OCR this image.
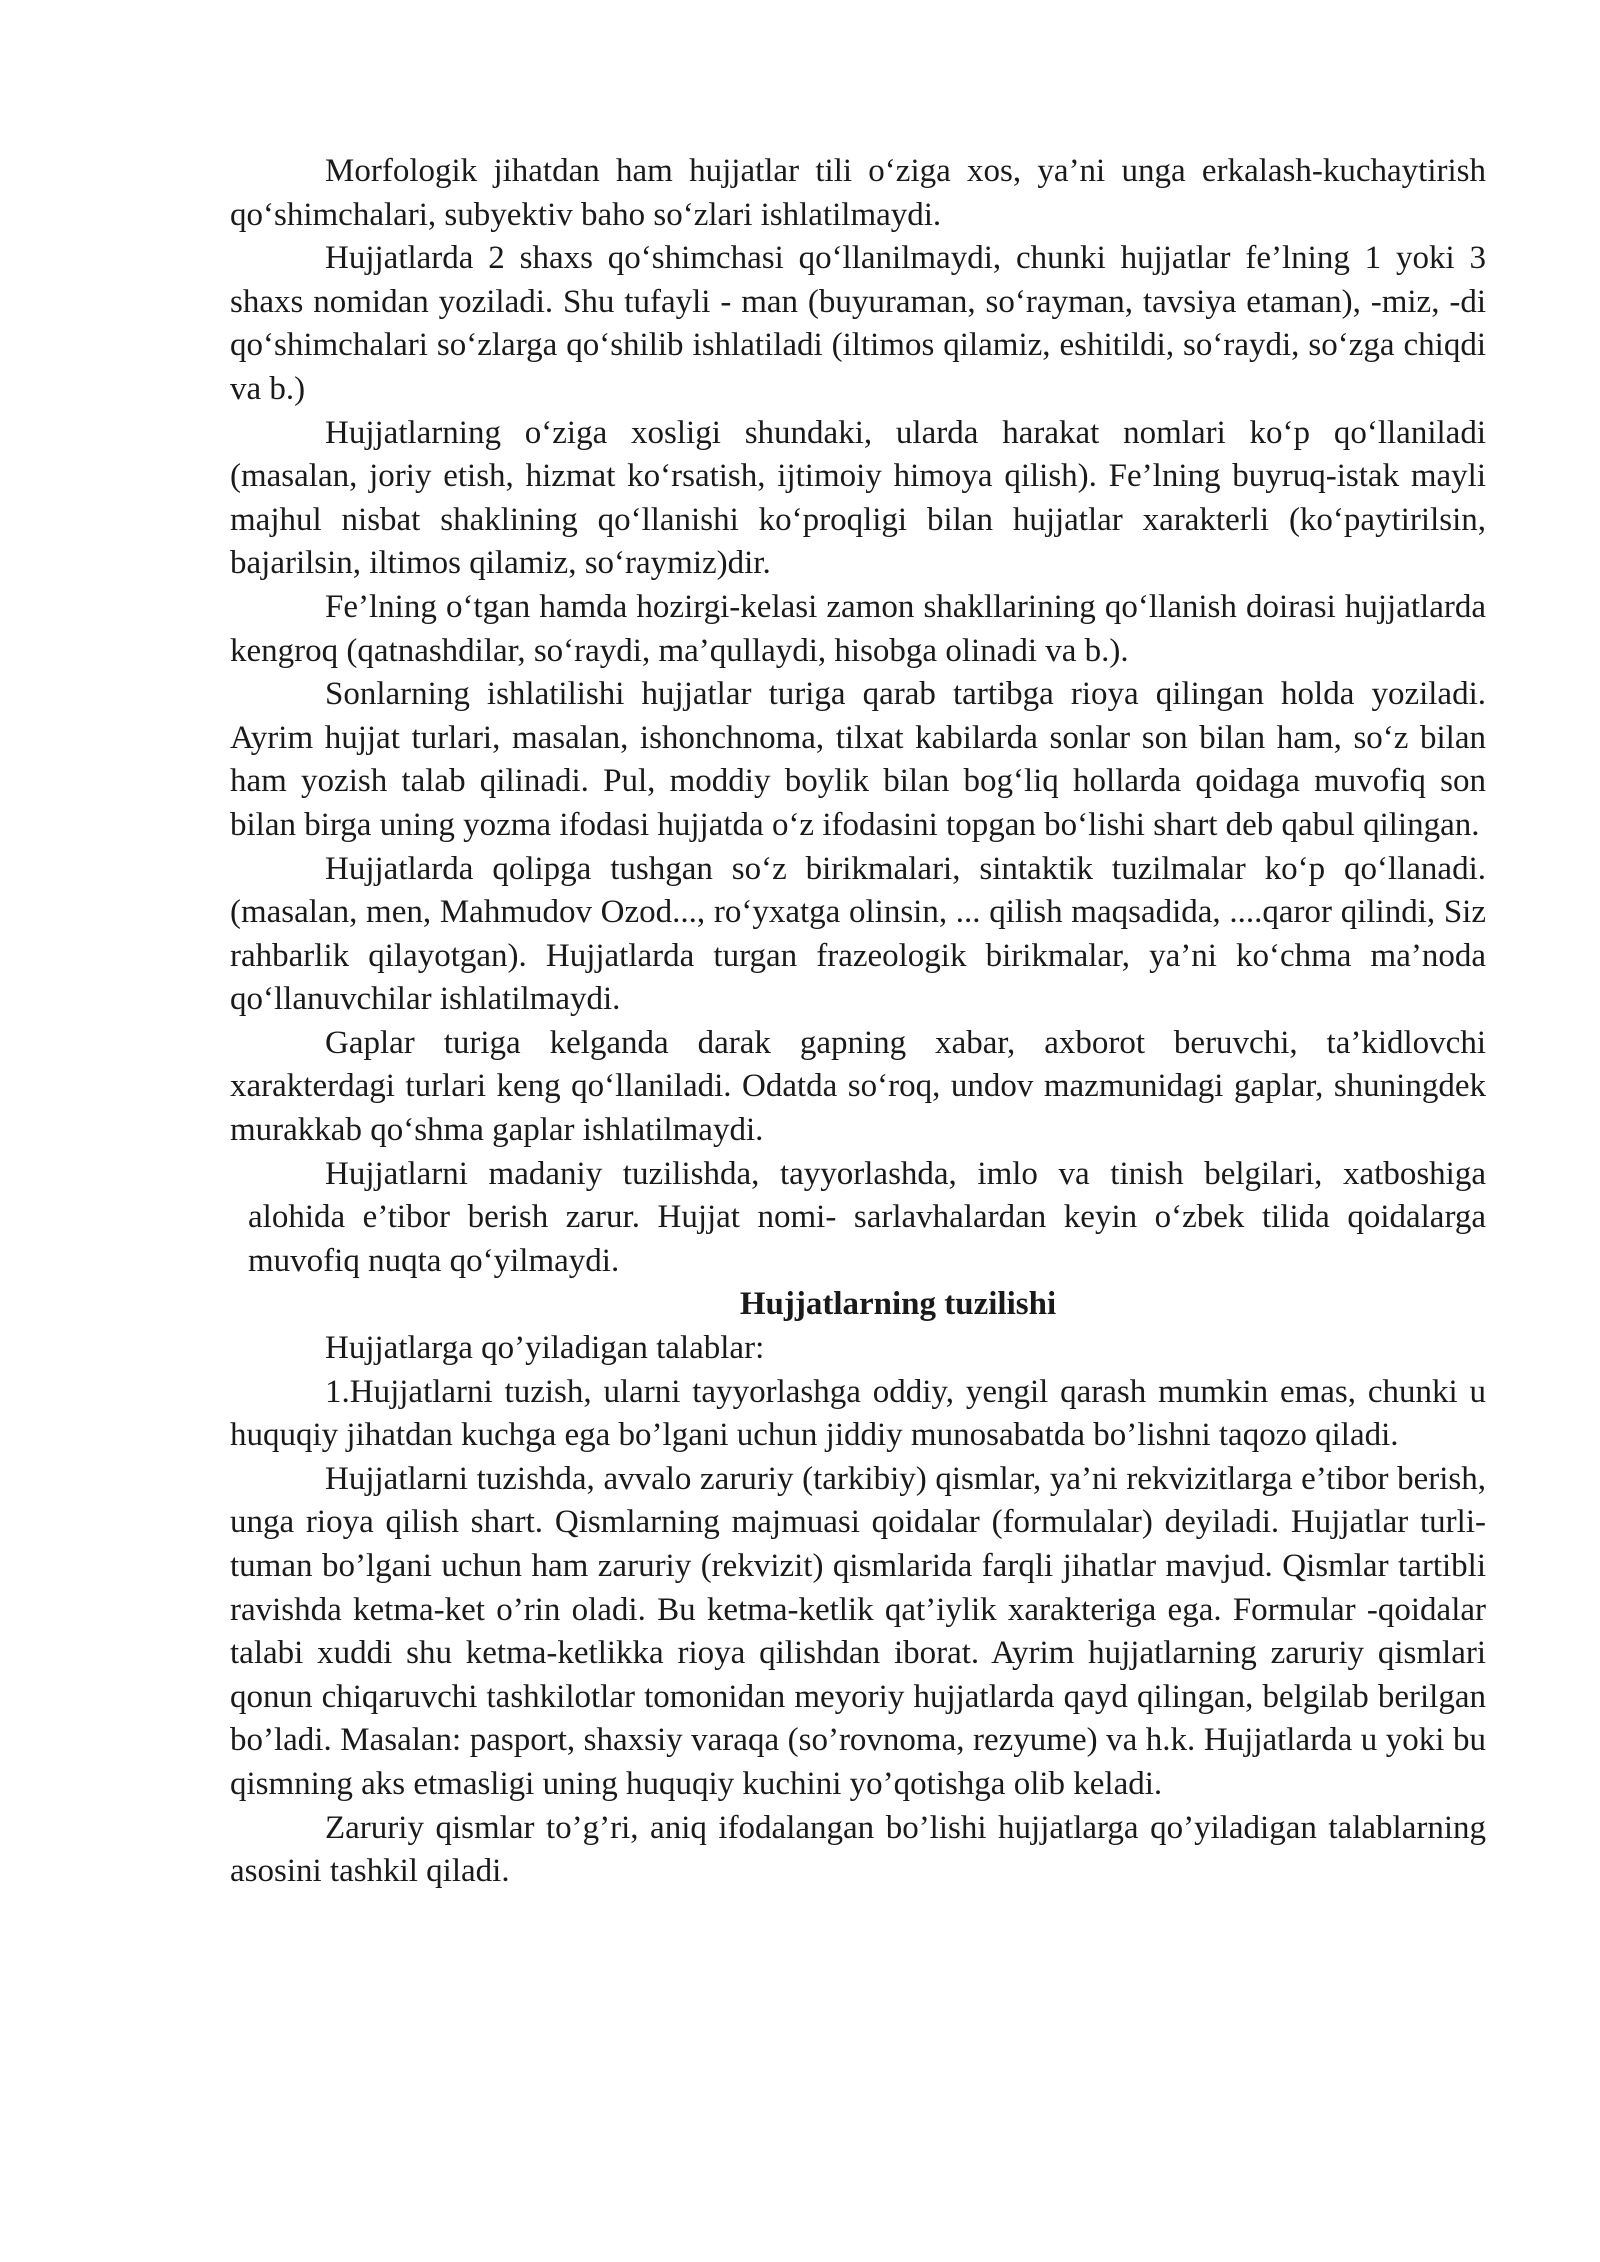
Morfologik jihatdan ham hujjatlar tili o‘ziga xos, ya’ni unga erkalash-kuchaytirish qo‘shimchalari, subyektiv baho so‘zlari ishlatilmaydi.

Hujjatlarda 2 shaxs qo‘shimchasi qo‘llanilmaydi, chunki hujjatlar fe’lning 1 yoki 3 shaxs nomidan yoziladi. Shu tufayli - man (buyuraman, so‘rayman, tavsiya etaman), -miz, -di qo‘shimchalari so‘zlarga qo‘shilib ishlatiladi (iltimos qilamiz, eshitildi, so‘raydi, so‘zga chiqdi va b.)

Hujjatlarning o‘ziga xosligi shundaki, ularda harakat nomlari ko‘p qo‘llaniladi (masalan, joriy etish, hizmat ko‘rsatish, ijtimoiy himoya qilish). Fe’lning buyruq-istak mayli majhul nisbat shaklining qo‘llanishi ko‘proqligi bilan hujjatlar xarakterli (ko‘paytirilsin, bajarilsin, iltimos qilamiz, so‘raymiz)dir.

Fe’lning o‘tgan hamda hozirgi-kelasi zamon shakllarining qo‘llanish doirasi hujjatlarda kengroq (qatnashdilar, so‘raydi, ma’qullaydi, hisobga olinadi va b.).

Sonlarning ishlatilishi hujjatlar turiga qarab tartibga rioya qilingan holda yoziladi. Ayrim hujjat turlari, masalan, ishonchnoma, tilxat kabilarda sonlar son bilan ham, so‘z bilan ham yozish talab qilinadi. Pul, moddiy boylik bilan bog‘liq hollarda qoidaga muvofiq son bilan birga uning yozma ifodasi hujjatda o‘z ifodasini topgan bo‘lishi shart deb qabul qilingan.

Hujjatlarda qolipga tushgan so‘z birikmalari, sintaktik tuzilmalar ko‘p qo‘llanadi. (masalan, men, Mahmudov Ozod..., ro‘yxatga olinsin, ... qilish maqsadida, ....qaror qilindi, Siz rahbarlik qilayotgan). Hujjatlarda turgan frazeologik birikmalar, ya’ni ko‘chma ma’noda qo‘llanuvchilar ishlatilmaydi.

Gaplar turiga kelganda darak gapning xabar, axborot beruvchi, ta’kidlovchi xarakterdagi turlari keng qo‘llaniladi. Odatda so‘roq, undov mazmunidagi gaplar, shuningdek murakkab qo‘shma gaplar ishlatilmaydi.

Hujjatlarni madaniy tuzilishda, tayyorlashda, imlo va tinish belgilari, xatboshiga alohida e’tibor berish zarur. Hujjat nomi- sarlavhalardan keyin o‘zbek tilida qoidalarga muvofiq nuqta qo‘yilmaydi.

Hujjatlarning tuzilishi

Hujjatlarga qo’yiladigan talablar:

1.Hujjatlarni tuzish, ularni tayyorlashga oddiy, yengil qarash mumkin emas, chunki u huquqiy jihatdan kuchga ega bo’lgani uchun jiddiy munosabatda bo’lishni taqozo qiladi.

Hujjatlarni tuzishda, avvalo zaruriy (tarkibiy) qismlar, ya’ni rekvizitlarga e’tibor berish, unga rioya qilish shart. Qismlarning majmuasi qoidalar (formulalar) deyiladi. Hujjatlar turli-tuman bo’lgani uchun ham zaruriy (rekvizit) qismlarida farqli jihatlar mavjud. Qismlar tartibli ravishda ketma-ket o’rin oladi. Bu ketma-ketlik qat’iylik xarakteriga ega. Formular -qoidalar talabi xuddi shu ketma-ketlikka rioya qilishdan iborat. Ayrim hujjatlarning zaruriy qismlari qonun chiqaruvchi tashkilotlar tomonidan meyoriy hujjatlarda qayd qilingan, belgilab berilgan bo’ladi. Masalan: pasport, shaxsiy varaqa (so’rovnoma, rezyume) va h.k. Hujjatlarda u yoki bu qismning aks etmasligi uning huquqiy kuchini yo’qotishga olib keladi.

Zaruriy qismlar to’g’ri, aniq ifodalangan bo’lishi hujjatlarga qo’yiladigan talablarning asosini tashkil qiladi.
